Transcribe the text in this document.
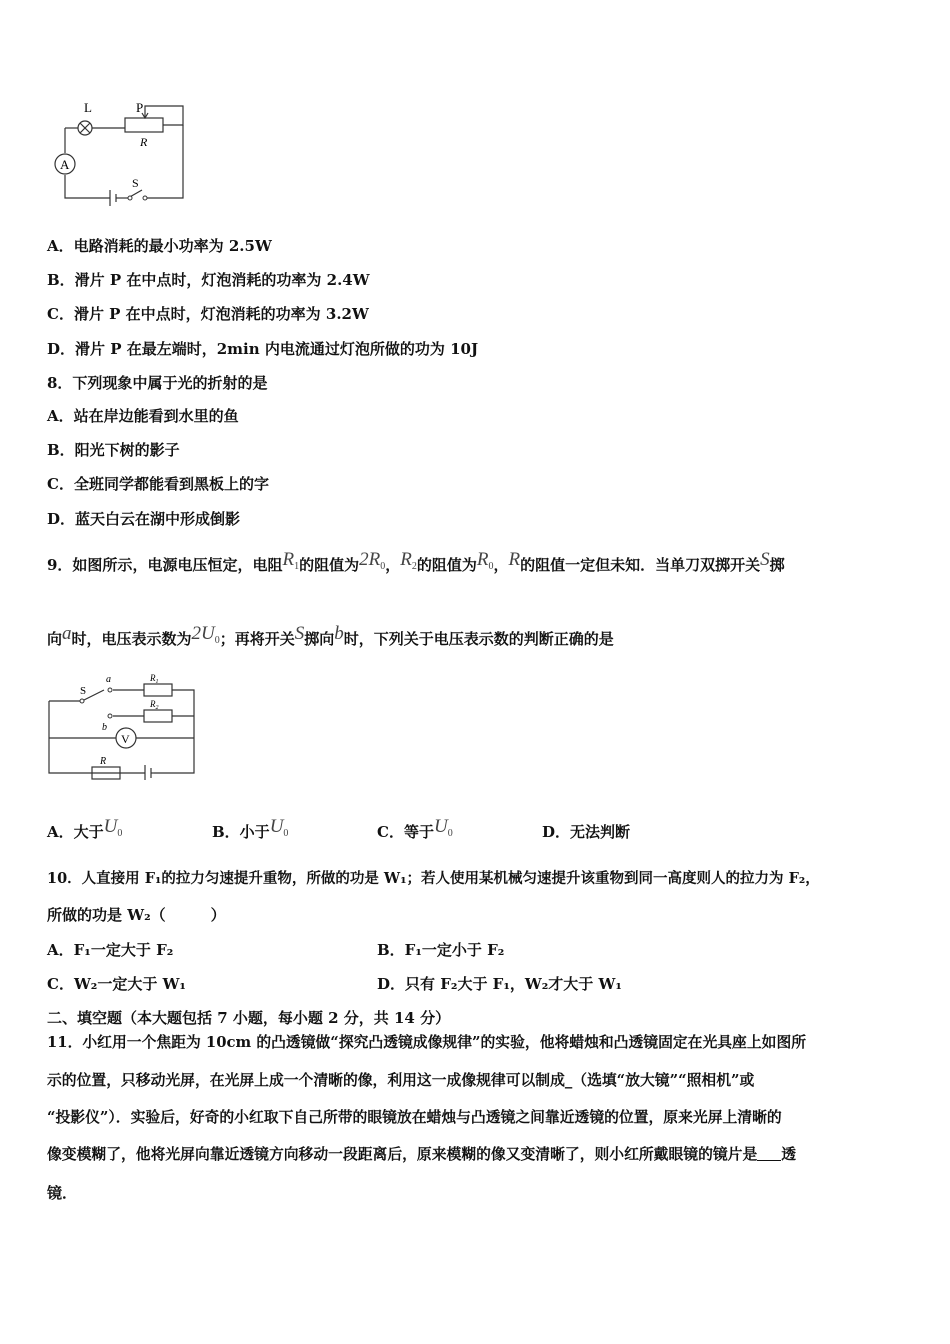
L	P
R
A
S
A．电路消耗的最小功率为 2.5W
B．滑片 P 在中点时，灯泡消耗的功率为 2.4W
C．滑片 P 在中点时，灯泡消耗的功率为 3.2W
D．滑片 P 在最左端时，2min 内电流通过灯泡所做的功为 10J
8．下列现象中属于光的折射的是
A．站在岸边能看到水里的鱼
B．阳光下树的影子
C．全班同学都能看到黑板上的字
D．蓝天白云在湖中形成倒影
9．如图所示，电源电压恒定，电阻$R_1$的阻值为$2R_0$，$R_2$的阻值为$R_0$，R的阻值一定但未知．当单刀双掷开关S掷
向a时，电压表示数为$2U_0$；再将开关S掷向b时，下列关于电压表示数的判断正确的是
S
a
b
$R_1$
$R_2$
V
R
A．大于$U_0$	B．小于$U_0$	C．等于$U_0$	D．无法判断
10．人直接用 F₁的拉力匀速提升重物，所做的功是 W₁；若人使用某机械匀速提升该重物到同一高度则人的拉力为 F₂，
所做的功是 W₂（　　　）
A．F₁一定大于 F₂	B．F₁一定小于 F₂
C．W₂一定大于 W₁	D．只有 F₂大于 F₁，W₂才大于 W₁
二、填空题（本大题包括 7 小题，每小题 2 分，共 14 分）
11．小红用一个焦距为 10cm 的凸透镜做“探究凸透镜成像规律”的实验，他将蜡烛和凸透镜固定在光具座上如图所
示的位置，只移动光屏，在光屏上成一个清晰的像，利用这一成像规律可以制成_（选填“放大镜”“照相机”或
“投影仪”）．实验后，好奇的小红取下自己所带的眼镜放在蜡烛与凸透镜之间靠近透镜的位置，原来光屏上清晰的
像变模糊了，他将光屏向靠近透镜方向移动一段距离后，原来模糊的像又变清晰了，则小红所戴眼镜的镜片是 透
镜．
